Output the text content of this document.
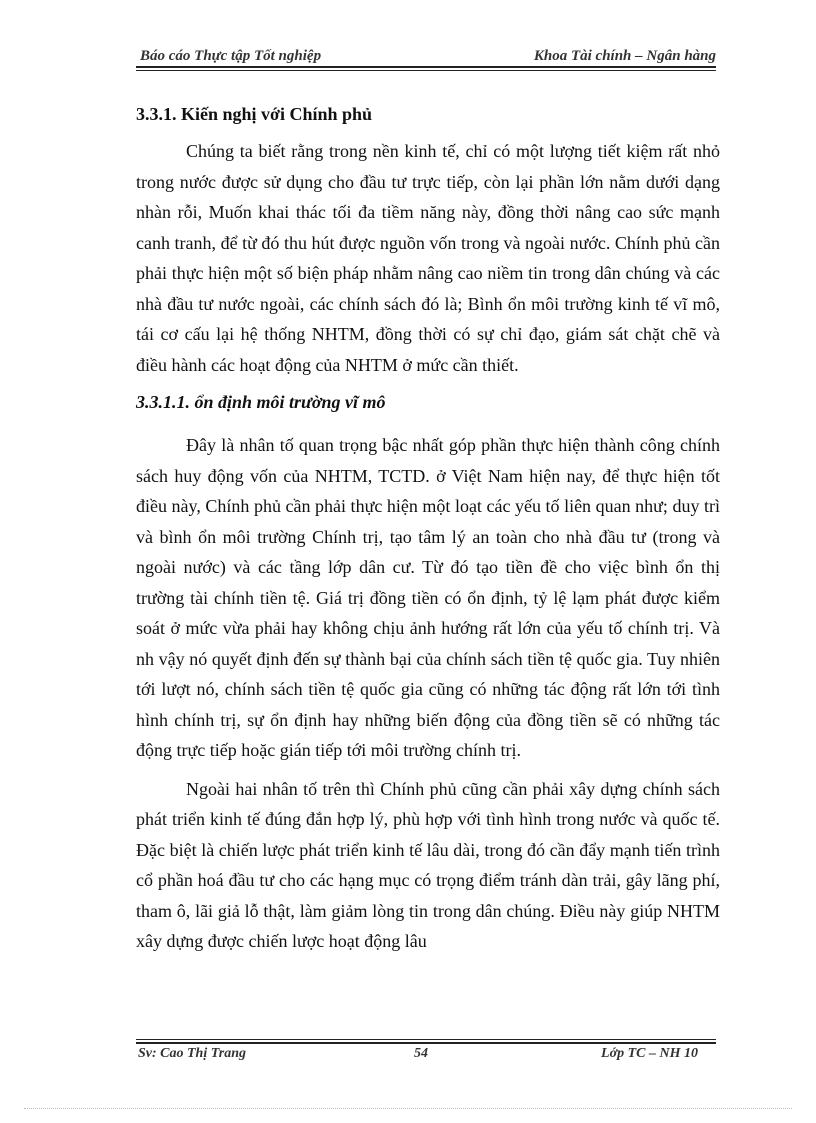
Báo cáo Thực tập Tốt nghiệp	Khoa Tài chính – Ngân hàng
3.3.1. Kiến nghị với Chính phủ

Chúng ta biết rằng trong nền kinh tế, chỉ có một lượng tiết kiệm rất nhỏ trong nước được sử dụng cho đầu tư trực tiếp, còn lại phần lớn nằm dưới dạng nhàn rỗi, Muốn khai thác tối đa tiềm năng này, đồng thời nâng cao sức mạnh canh tranh, để từ đó thu hút được nguồn vốn trong và ngoài nước. Chính phủ cần phải thực hiện một số biện pháp nhằm nâng cao niềm tin trong dân chúng và các nhà đầu tư nước ngoài, các chính sách đó là; Bình ổn môi trường kinh tế vĩ mô, tái cơ cấu lại hệ thống NHTM, đồng thời có sự chỉ đạo, giám sát chặt chẽ và điều hành các hoạt động của NHTM ở mức cần thiết.

3.3.1.1. ổn định môi trường vĩ mô

Đây là nhân tố quan trọng bậc nhất góp phần thực hiện thành công chính sách huy động vốn của NHTM, TCTD. ở Việt Nam hiện nay, để thực hiện tốt điều này, Chính phủ cần phải thực hiện một loạt các yếu tố liên quan như; duy trì và bình ổn môi trường Chính trị, tạo tâm lý an toàn cho nhà đầu tư (trong và ngoài nước) và các tầng lớp dân cư. Từ đó tạo tiền đề cho việc bình ổn thị trường tài chính tiền tệ. Giá trị đồng tiền có ổn định, tỷ lệ lạm phát được kiểm soát ở mức vừa phải hay không chịu ảnh hướng rất lớn của yếu tố chính trị. Và nh vậy nó quyết định đến sự thành bại của chính sách tiền tệ quốc gia. Tuy nhiên tới lượt nó, chính sách tiền tệ quốc gia cũng có những tác động rất lớn tới tình hình chính trị, sự ổn định hay những biến động của đồng tiền sẽ có những tác động trực tiếp hoặc gián tiếp tới môi trường chính trị.

Ngoài hai nhân tố trên thì Chính phủ cũng cần phải xây dựng chính sách phát triển kinh tế đúng đắn hợp lý, phù hợp với tình hình trong nước và quốc tế. Đặc biệt là chiến lược phát triển kinh tế lâu dài, trong đó cần đẩy mạnh tiến trình cổ phần hoá đầu tư cho các hạng mục có trọng điểm tránh dàn trải, gây lãng phí, tham ô, lãi giả lỗ thật, làm giảm lòng tin trong dân chúng. Điều này giúp NHTM xây dựng được chiến lược hoạt động lâu

Sv: Cao Thị Trang	54	Lớp TC – NH 10
